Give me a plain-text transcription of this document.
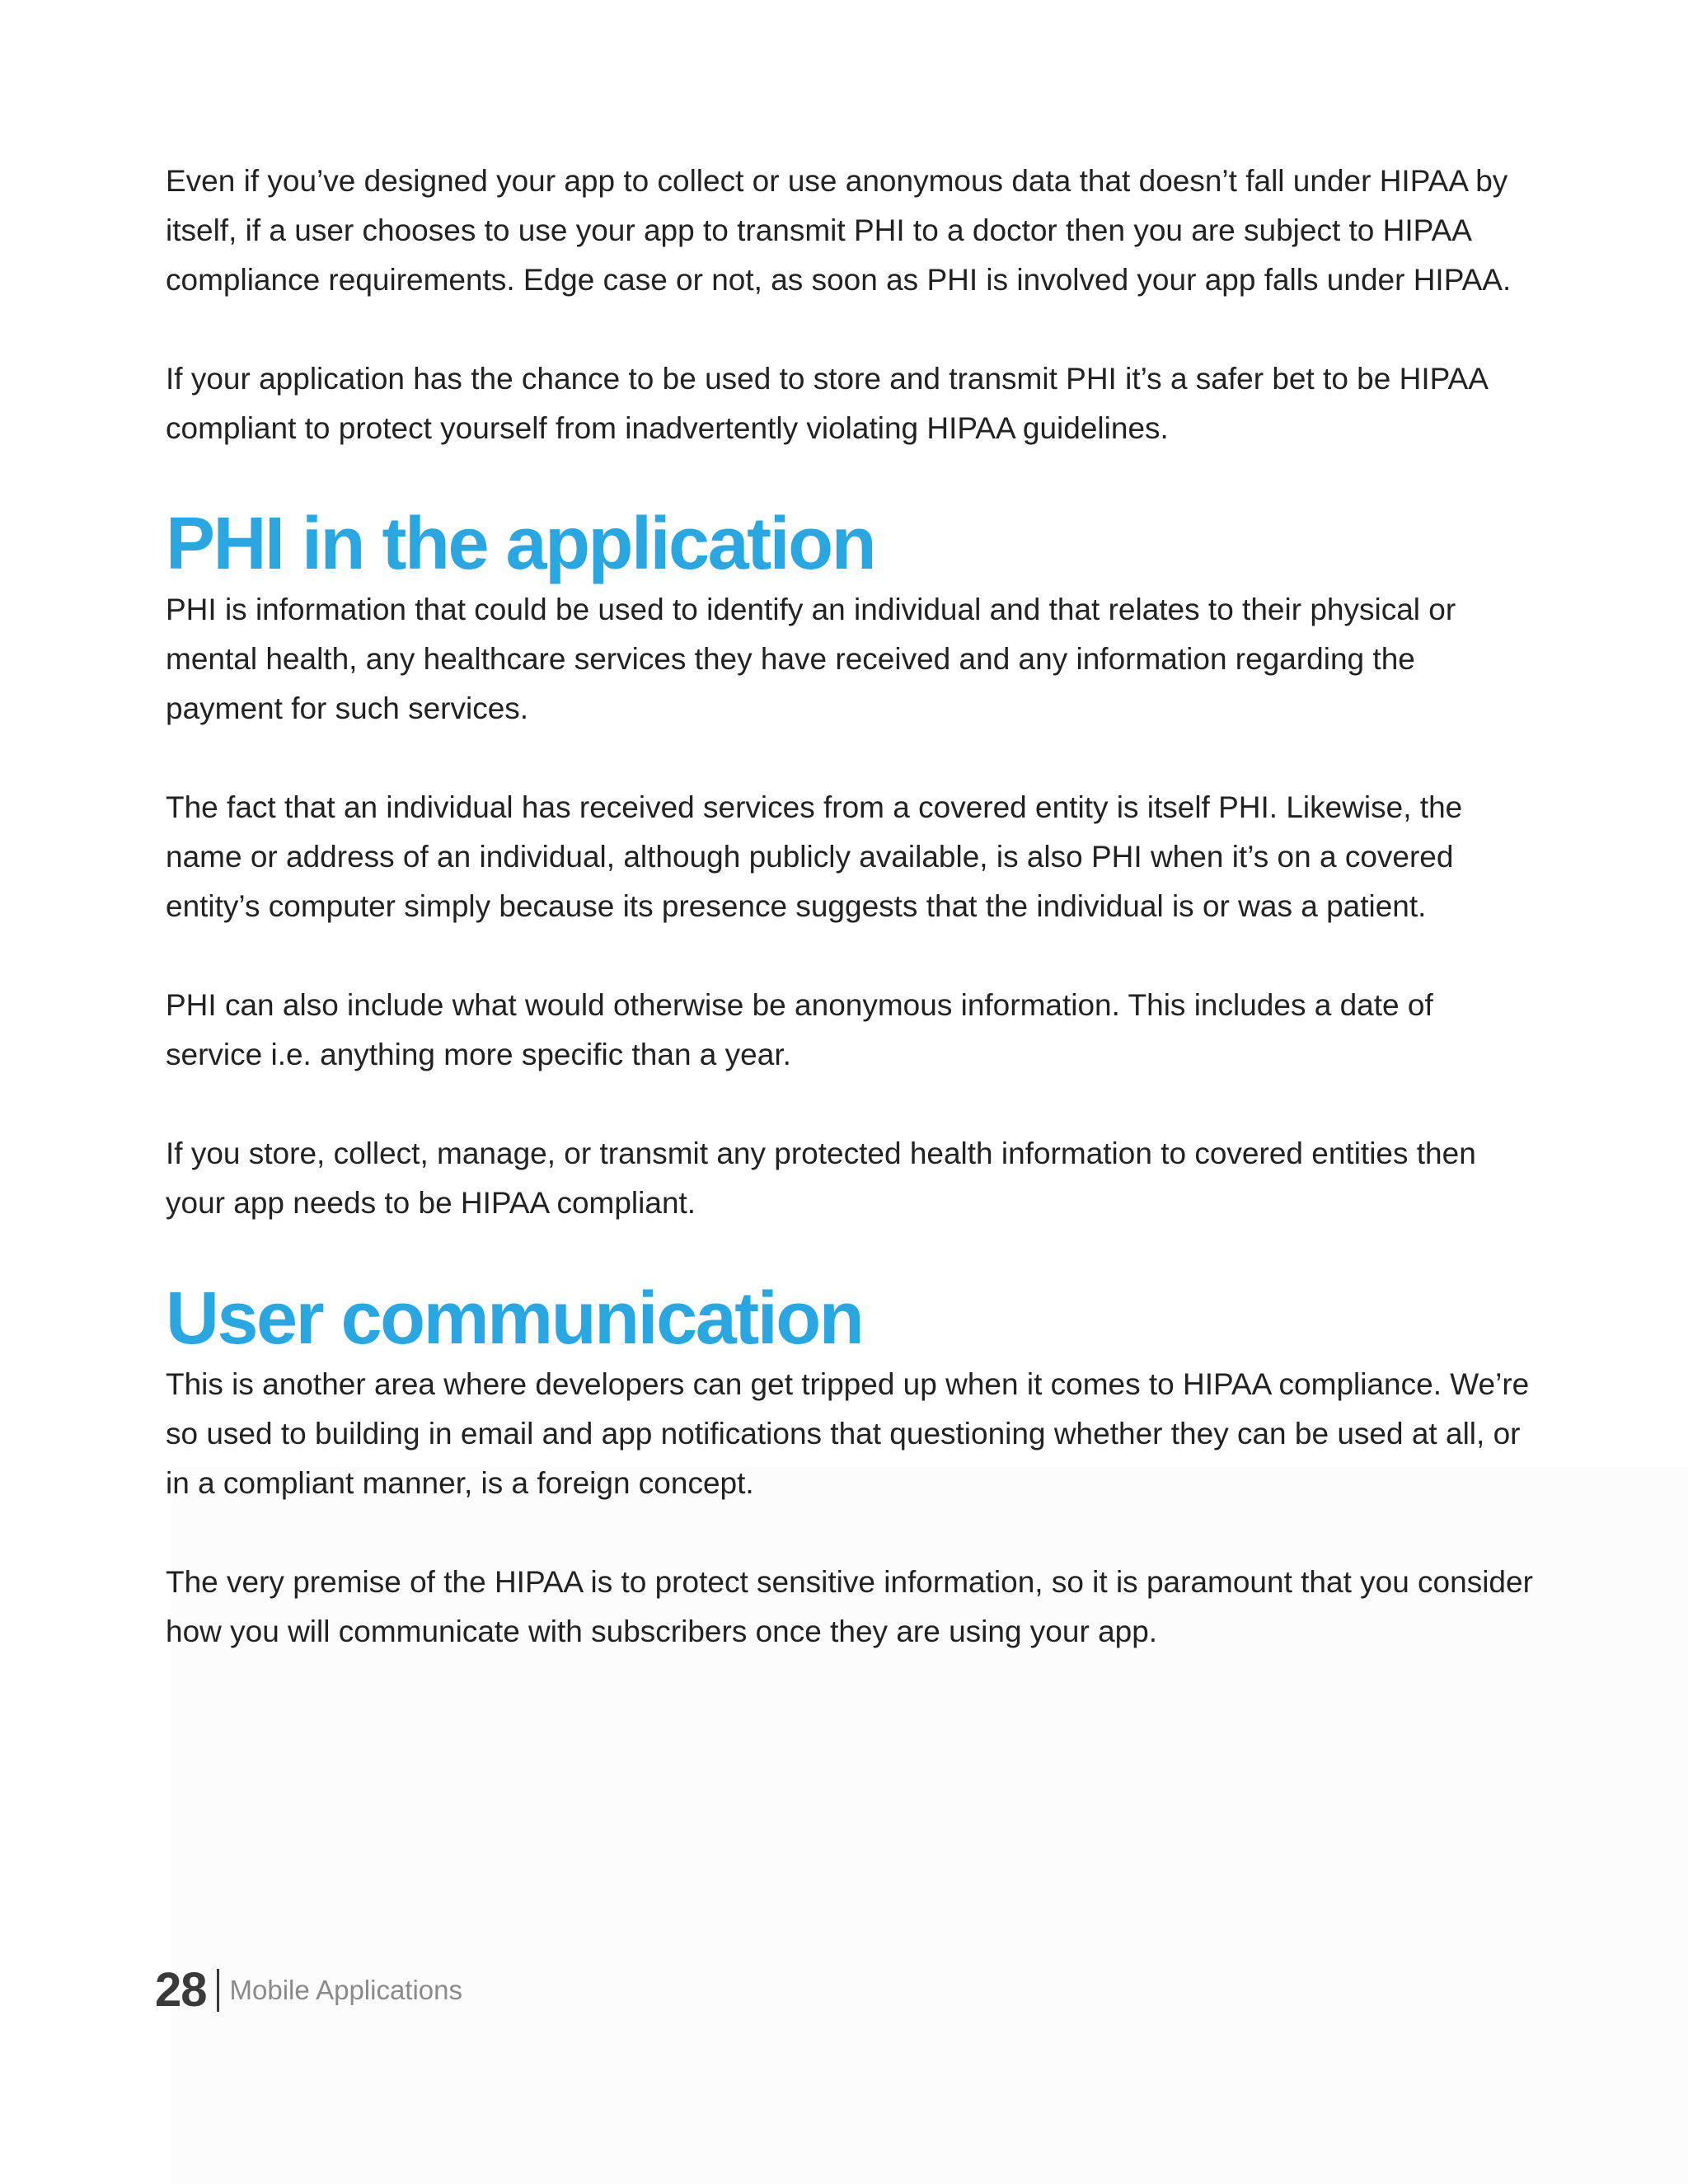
Even if you’ve designed your app to collect or use anonymous data that doesn’t fall under HIPAA by itself, if a user chooses to use your app to transmit PHI to a doctor then you are subject to HIPAA compliance requirements. Edge case or not, as soon as PHI is involved your app falls under HIPAA.

If your application has the chance to be used to store and transmit PHI it’s a safer bet to be HIPAA compliant to protect yourself from inadvertently violating HIPAA guidelines.

PHI in the application

PHI is information that could be used to identify an individual and that relates to their physical or mental health, any healthcare services they have received and any information regarding the payment for such services.

The fact that an individual has received services from a covered entity is itself PHI. Likewise, the name or address of an individual, although publicly available, is also PHI when it’s on a covered entity’s computer simply because its presence suggests that the individual is or was a patient.

PHI can also include what would otherwise be anonymous information. This includes a date of service i.e. anything more specific than a year.

If you store, collect, manage, or transmit any protected health information to covered entities then your app needs to be HIPAA compliant.

User communication

This is another area where developers can get tripped up when it comes to HIPAA compliance. We’re so used to building in email and app notifications that questioning whether they can be used at all, or in a compliant manner, is a foreign concept.

The very premise of the HIPAA is to protect sensitive information, so it is paramount that you consider how you will communicate with subscribers once they are using your app.

28 Mobile Applications
